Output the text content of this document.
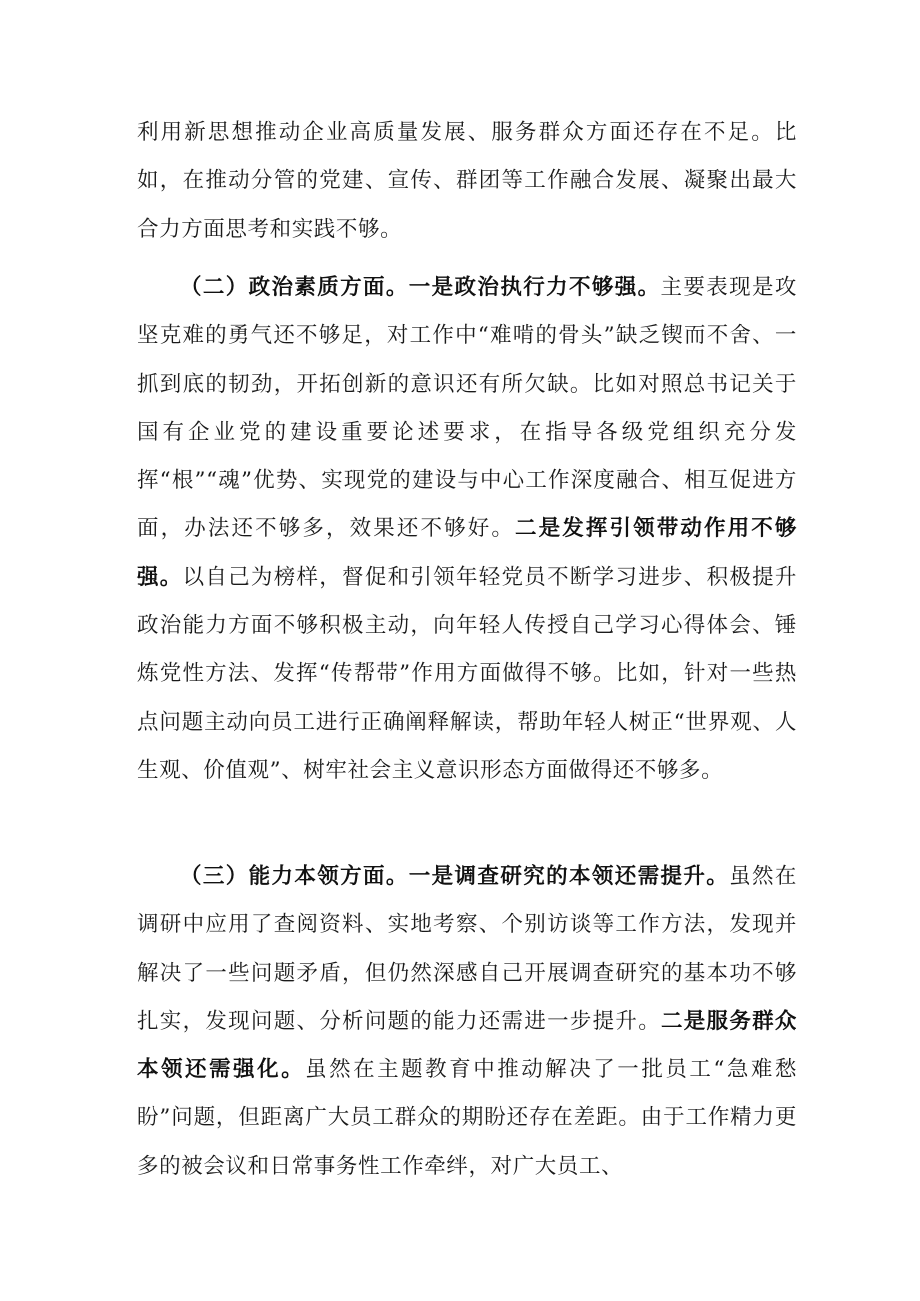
利用新思想推动企业高质量发展、服务群众方面还存在不足。比如，在推动分管的党建、宣传、群团等工作融合发展、凝聚出最大合力方面思考和实践不够。

（二）政治素质方面。一是政治执行力不够强。主要表现是攻坚克难的勇气还不够足，对工作中“难啃的骨头”缺乏锲而不舍、一抓到底的韧劲，开拓创新的意识还有所欠缺。比如对照总书记关于国有企业党的建设重要论述要求，在指导各级党组织充分发挥“根”“魂”优势、实现党的建设与中心工作深度融合、相互促进方面，办法还不够多，效果还不够好。二是发挥引领带动作用不够强。以自己为榜样，督促和引领年轻党员不断学习进步、积极提升政治能力方面不够积极主动，向年轻人传授自己学习心得体会、锤炼党性方法、发挥“传帮带”作用方面做得不够。比如，针对一些热点问题主动向员工进行正确阐释解读，帮助年轻人树正“世界观、人生观、价值观”、树牢社会主义意识形态方面做得还不够多。

（三）能力本领方面。一是调查研究的本领还需提升。虽然在调研中应用了查阅资料、实地考察、个别访谈等工作方法，发现并解决了一些问题矛盾，但仍然深感自己开展调查研究的基本功不够扎实，发现问题、分析问题的能力还需进一步提升。二是服务群众本领还需强化。虽然在主题教育中推动解决了一批员工“急难愁盼”问题，但距离广大员工群众的期盼还存在差距。由于工作精力更多的被会议和日常事务性工作牵绊，对广大员工、
